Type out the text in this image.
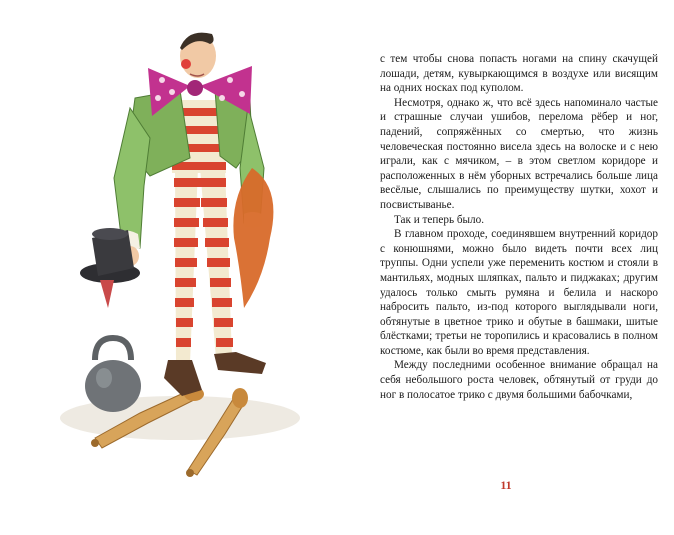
с тем чтобы снова попасть ногами на спину скачущей лошади, детям, кувыркающимся в воздухе или висящим на одних носках под куполом.

Несмотря, однако ж, что всё здесь напоминало частые и страшные случаи ушибов, перелома рёбер и ног, падений, сопряжённых со смертью, что жизнь человеческая постоянно висела здесь на волоске и с нею играли, как с мячиком, – в этом светлом коридоре и расположенных в нём уборных встречались больше лица весёлые, слышались по преимуществу шутки, хохот и посвистыванье.

Так и теперь было.

В главном проходе, соединявшем внутренний коридор с конюшнями, можно было видеть почти всех лиц труппы. Одни успели уже переменить костюм и стояли в мантильях, модных шляпках, пальто и пиджаках; другим удалось только смыть румяна и белила и наскоро набросить пальто, из-под которого выглядывали ноги, обтянутые в цветное трико и обутые в башмаки, шитые блёстками; третьи не торопились и красовались в полном костюме, как были во время представления.

Между последними особенное внимание обращал на себя небольшого роста человек, обтянутый от груди до ног в полосатое трико с двумя большими бабочками,

11
